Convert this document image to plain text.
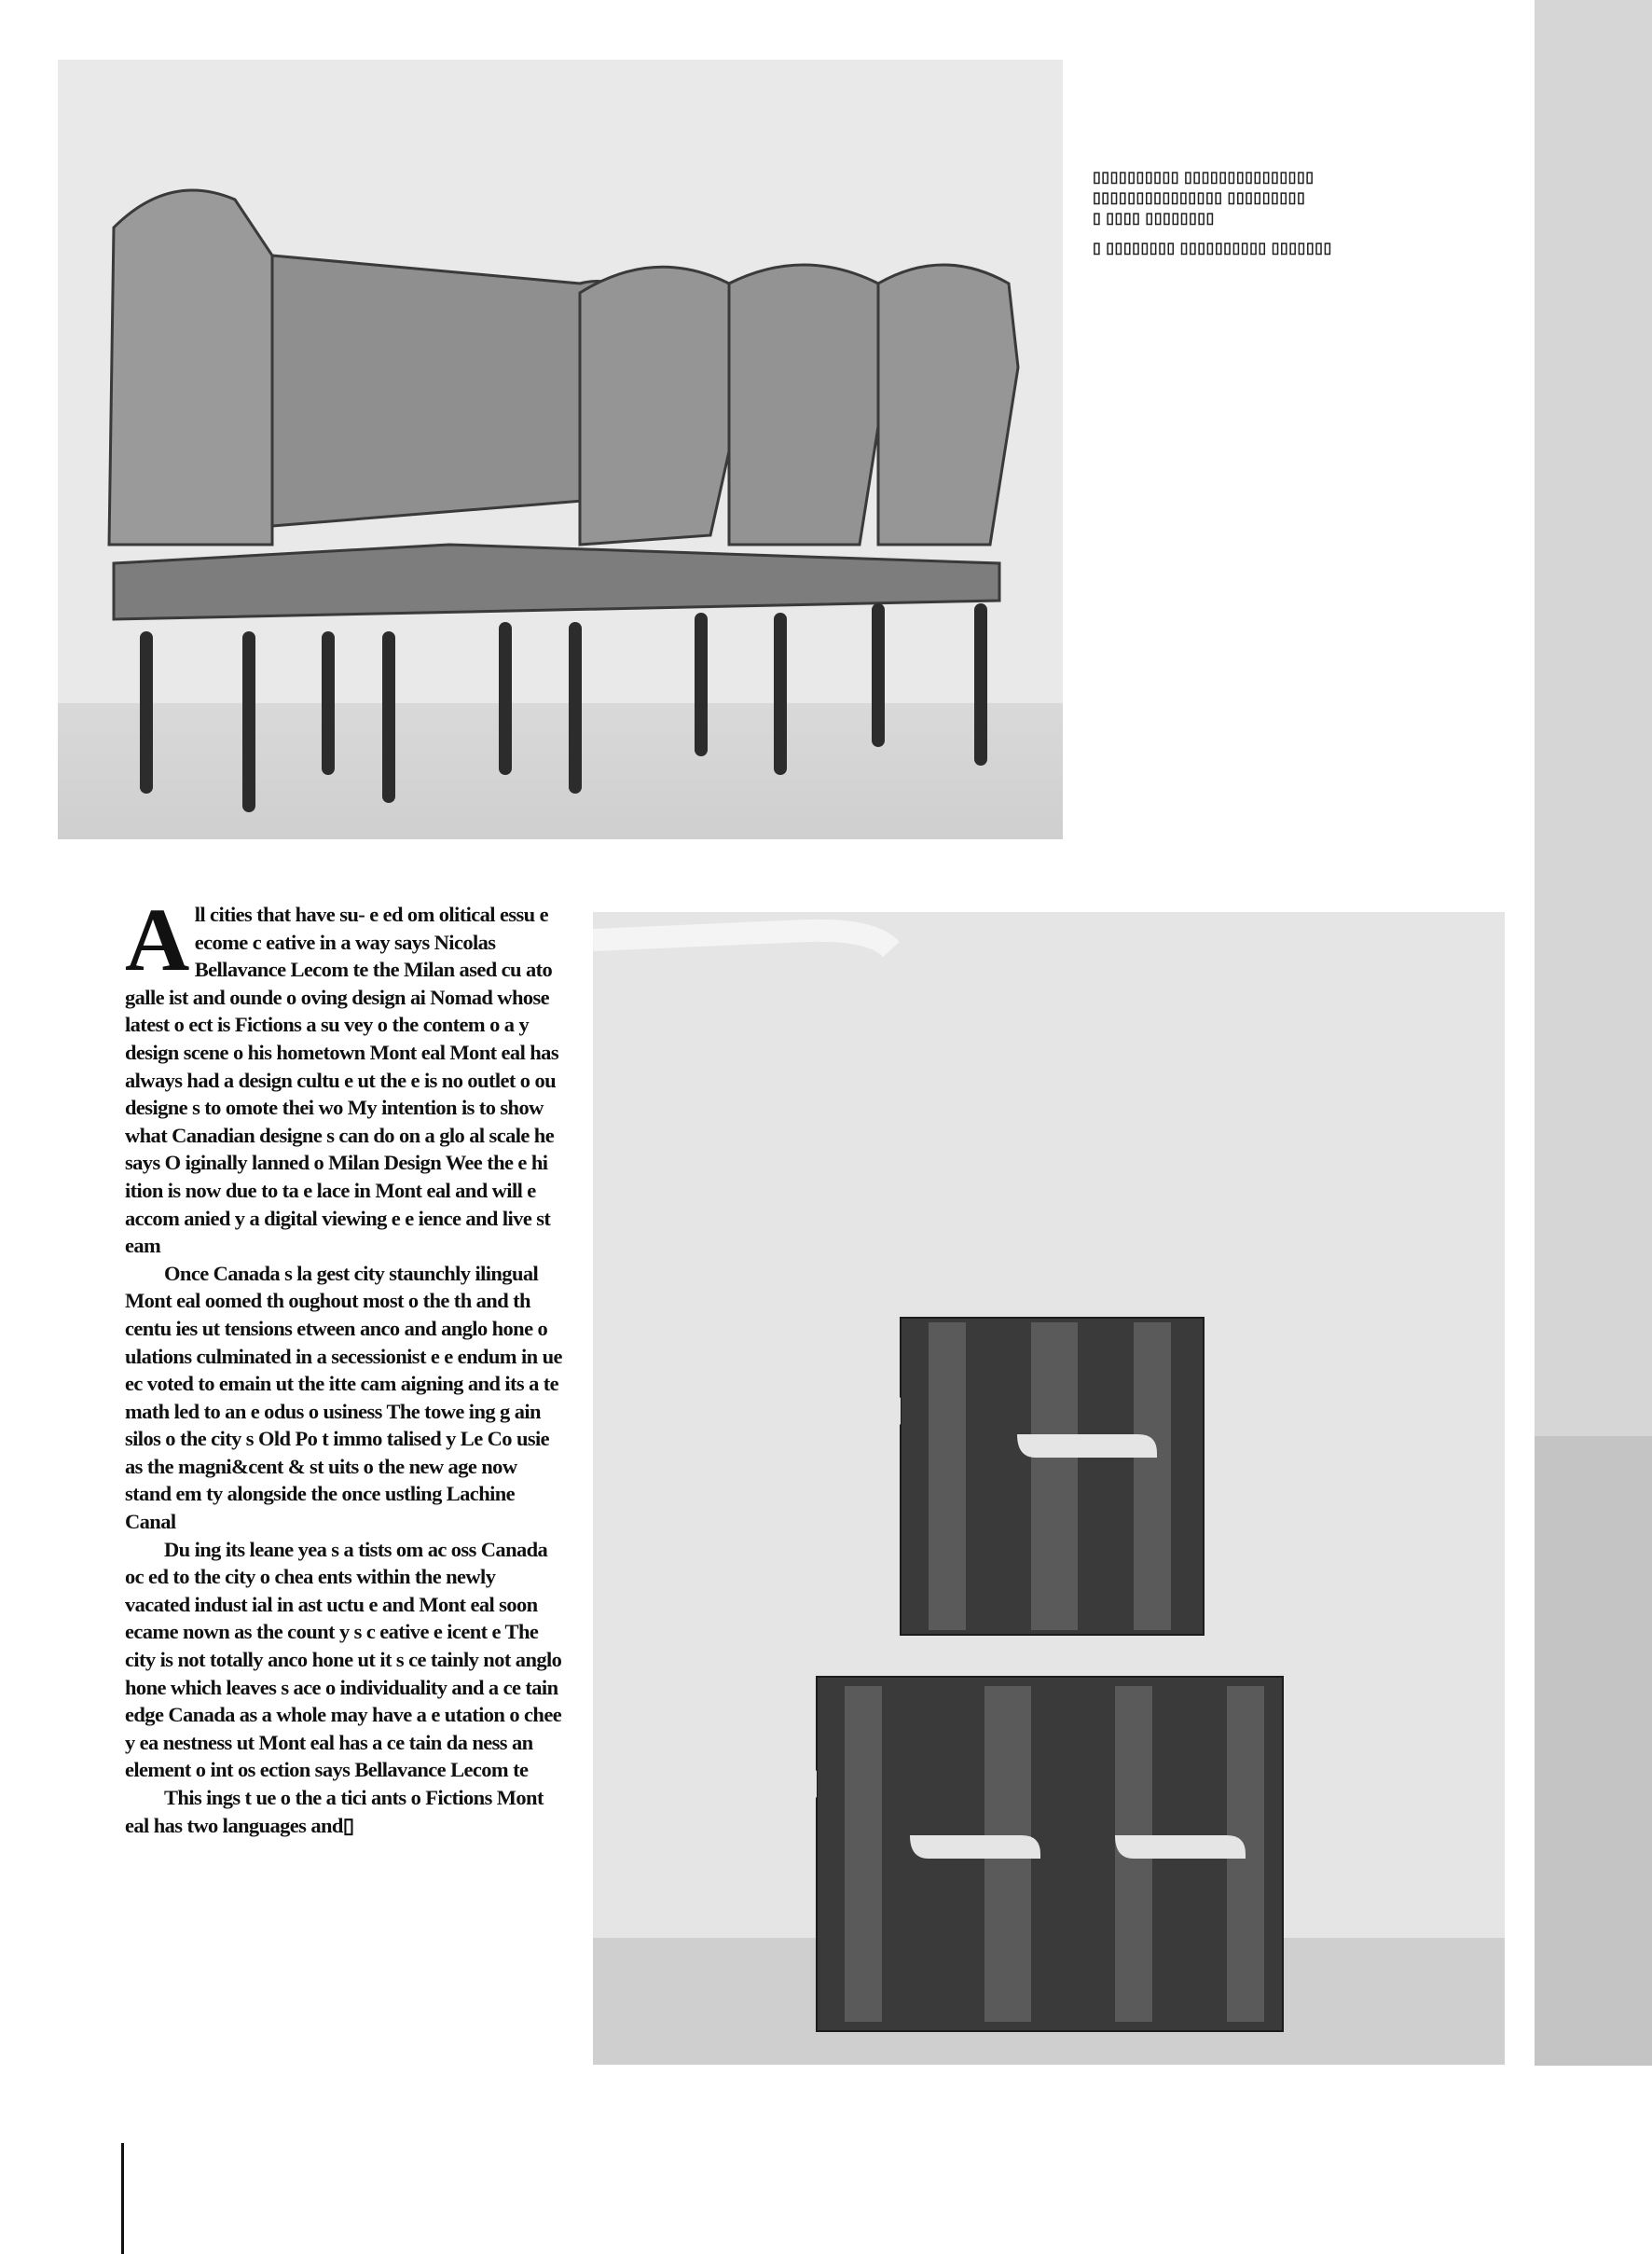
▯▯▯▯▯▯▯▯▯▯ ▯▯▯▯▯▯▯▯▯▯▯▯▯▯▯

▯▯▯▯▯▯▯▯▯▯▯▯▯▯▯ ▯▯▯▯▯▯▯▯▯

▯ ▯▯▯▯ ▯▯▯▯▯▯▯▯

▯ ▯▯▯▯▯▯▯▯ ▯▯▯▯▯▯▯▯▯▯ ▯▯▯▯▯▯▯

A ll cities that have su- e ed om olitical essu e ecome c eative in a way says Nicolas Bellavance Lecom te the Milan ased cu ato galle ist and ounde o oving design ai Nomad whose latest o ect is Fictions a su vey o the contem o a y design scene o his hometown Mont eal Mont eal has always had a design cultu e ut the e is no outlet o ou designe s to omote thei wo My intention is to show what Canadian designe s can do on a glo al scale he says O iginally lanned o Milan Design Wee the e hi ition is now due to ta e lace in Mont eal and will e accom anied y a digital viewing e e ience and live st eam

Once Canada s la gest city staunchly ilingual Mont eal oomed th oughout most o the th and th centu ies ut tensions etween anco and anglo hone o ulations culminated in a secessionist e e endum in ue ec voted to emain ut the itte cam aigning and its a te math led to an e odus o usiness The towe ing g ain silos o the city s Old Po t immo talised y Le Co usie as the magni&cent & st uits o the new age now stand em ty alongside the once ustling Lachine Canal

Du ing its leane yea s a tists om ac oss Canada oc ed to the city o chea ents within the newly vacated indust ial in ast uctu e and Mont eal soon ecame nown as the count y s c eative e icent e The city is not totally anco hone ut it s ce tainly not anglo hone which leaves s ace o individuality and a ce tain edge Canada as a whole may have a e utation o chee y ea nestness ut Mont eal has a ce tain da ness an element o int os ection says Bellavance Lecom te

This ings t ue o the a tici ants o Fictions Mont eal has two languages and▯
